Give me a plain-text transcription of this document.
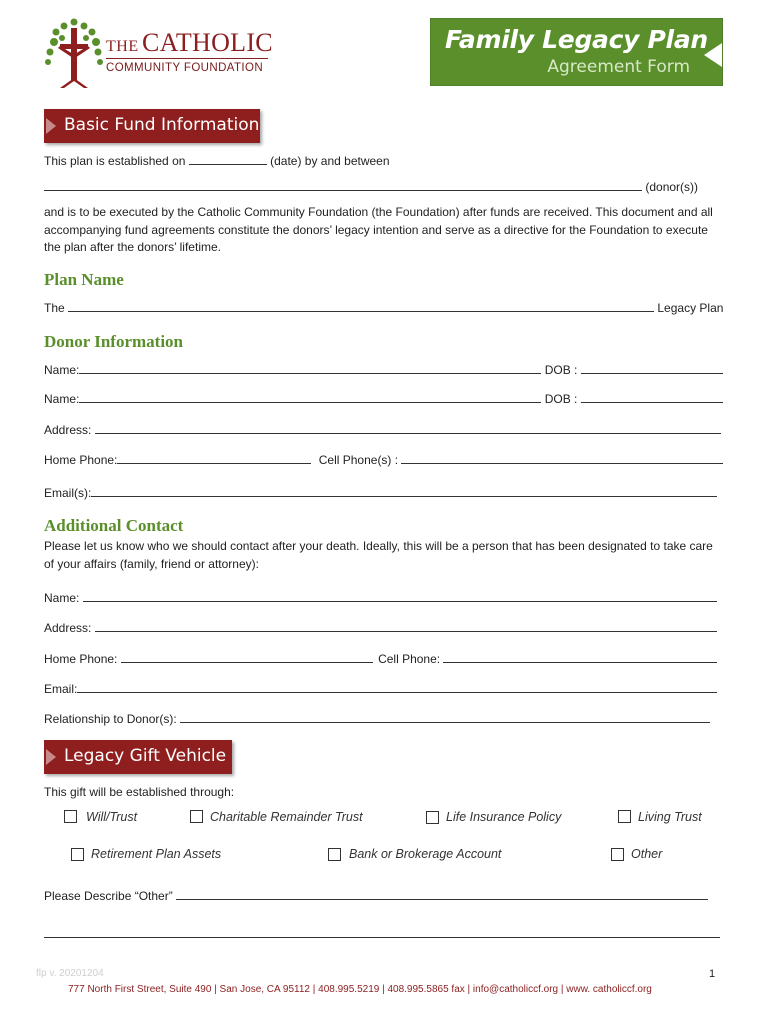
THE CATHOLIC
COMMUNITY FOUNDATION
Family Legacy Plan
Agreement Form
Basic Fund Information
This plan is established on	(date) by and between
(donor(s))
and is to be executed by the Catholic Community Foundation (the Foundation) after funds are received. This document and all accompanying fund agreements constitute the donors’ legacy intention and serve as a directive for the Foundation to execute the plan after the donors’ lifetime.
Plan Name
The	Legacy Plan
Donor Information
Name:	DOB :
Name:	DOB :
Address:
Home Phone:	Cell Phone(s) :
Email(s):
Additional Contact
Please let us know who we should contact after your death. Ideally, this will be a person that has been designated to take care of your affairs (family, friend or attorney):
Name:
Address:
Home Phone:	Cell Phone:
Email:
Relationship to Donor(s):
Legacy Gift Vehicle
This gift will be established through:
Will/Trust	Charitable Remainder Trust	Life Insurance Policy	Living Trust
Retirement Plan Assets	Bank or Brokerage Account	Other
Please Describe “Other”
flp v. 20201204	1
777 North First Street, Suite 490 | San Jose, CA 95112 | 408.995.5219 | 408.995.5865 fax | info@catholiccf.org | www. catholiccf.org
